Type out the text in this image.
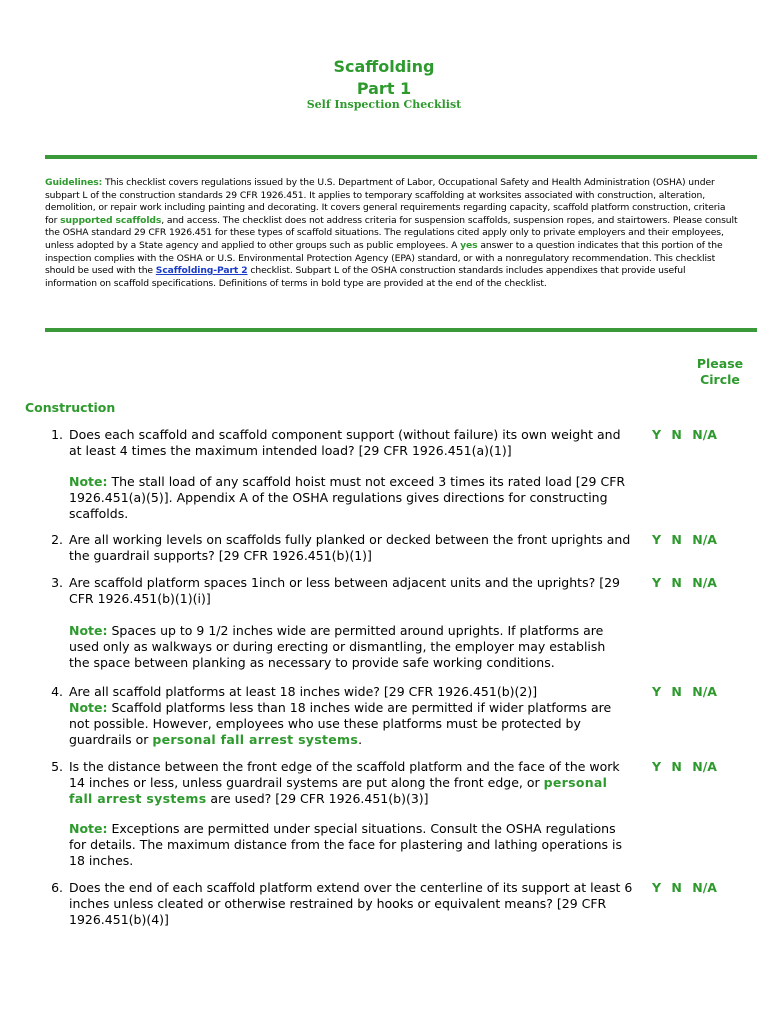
Scaffolding
Part 1
Self Inspection Checklist
Guidelines: This checklist covers regulations issued by the U.S. Department of Labor, Occupational Safety and Health Administration (OSHA) under subpart L of the construction standards 29 CFR 1926.451. It applies to temporary scaffolding at worksites associated with construction, alteration, demolition, or repair work including painting and decorating. It covers general requirements regarding capacity, scaffold platform construction, criteria for supported scaffolds, and access. The checklist does not address criteria for suspension scaffolds, suspension ropes, and stairtowers. Please consult the OSHA standard 29 CFR 1926.451 for these types of scaffold situations. The regulations cited apply only to private employers and their employees, unless adopted by a State agency and applied to other groups such as public employees. A yes answer to a question indicates that this portion of the inspection complies with the OSHA or U.S. Environmental Protection Agency (EPA) standard, or with a nonregulatory recommendation. This checklist should be used with the Scaffolding-Part 2 checklist. Subpart L of the OSHA construction standards includes appendixes that provide useful information on scaffold specifications. Definitions of terms in bold type are provided at the end of the checklist.
Please
Circle
Construction
1. Does each scaffold and scaffold component support (without failure) its own weight and at least 4 times the maximum intended load? [29 CFR 1926.451(a)(1)]
Y N N/A
Note: The stall load of any scaffold hoist must not exceed 3 times its rated load [29 CFR 1926.451(a)(5)]. Appendix A of the OSHA regulations gives directions for constructing scaffolds.
2. Are all working levels on scaffolds fully planked or decked between the front uprights and the guardrail supports? [29 CFR 1926.451(b)(1)]
Y N N/A
3. Are scaffold platform spaces 1inch or less between adjacent units and the uprights? [29 CFR 1926.451(b)(1)(i)]
Y N N/A
Note: Spaces up to 9 1/2 inches wide are permitted around uprights. If platforms are used only as walkways or during erecting or dismantling, the employer may establish the space between planking as necessary to provide safe working conditions.
4. Are all scaffold platforms at least 18 inches wide? [29 CFR 1926.451(b)(2)]	Y N N/A
Note: Scaffold platforms less than 18 inches wide are permitted if wider platforms are not possible. However, employees who use these platforms must be protected by guardrails or personal fall arrest systems.
5. Is the distance between the front edge of the scaffold platform and the face of the work 14 inches or less, unless guardrail systems are put along the front edge, or personal fall arrest systems are used? [29 CFR 1926.451(b)(3)]
Y N N/A
Note: Exceptions are permitted under special situations. Consult the OSHA regulations for details. The maximum distance from the face for plastering and lathing operations is 18 inches.
6. Does the end of each scaffold platform extend over the centerline of its support at least 6 inches unless cleated or otherwise restrained by hooks or equivalent means? [29 CFR 1926.451(b)(4)]
Y N N/A
